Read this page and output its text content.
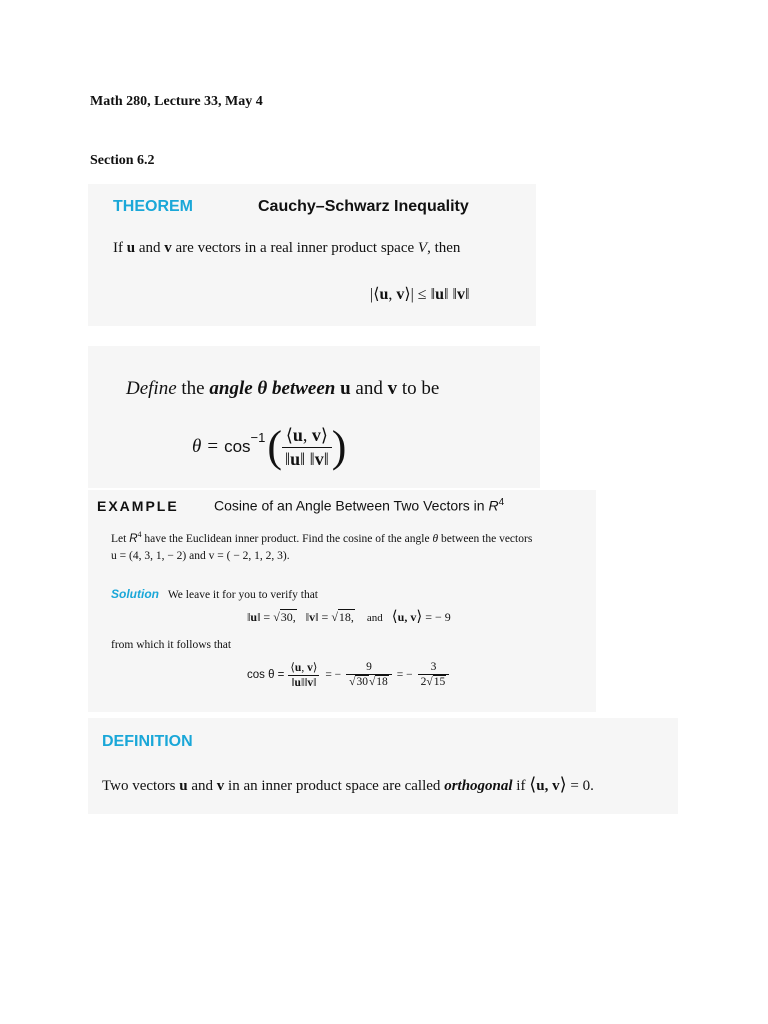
Math 280, Lecture 33, May 4
Section 6.2
THEOREM	Cauchy–Schwarz Inequality
If u and v are vectors in a real inner product space V, then
|⟨u, v⟩| ≤ ‖u‖ ‖v‖
Define the angle θ between u and v to be
$\theta = \cos^{-1}$ ( $\frac{⟨u, v⟩}{‖u‖ ‖v‖}$ )
EXAMPLE	Cosine of an Angle Between Two Vectors in $R^4$
Let $R^4$ have the Euclidean inner product. Find the cosine of the angle θ between the vectors
u = (4, 3, 1, − 2) and v = ( − 2, 1, 2, 3).
Solution We leave it for you to verify that
‖u‖ = √30,   ‖v‖ = √18, and ⟨u, v⟩ = − 9
from which it follows that
$\cos \theta = \frac{⟨u, v⟩}{‖u‖‖v‖}$ = − $\frac{9}{√30√18}$ = − $\frac{3}{2√15}$
DEFINITION
Two vectors u and v in an inner product space are called orthogonal if ⟨u, v⟩ = 0.
